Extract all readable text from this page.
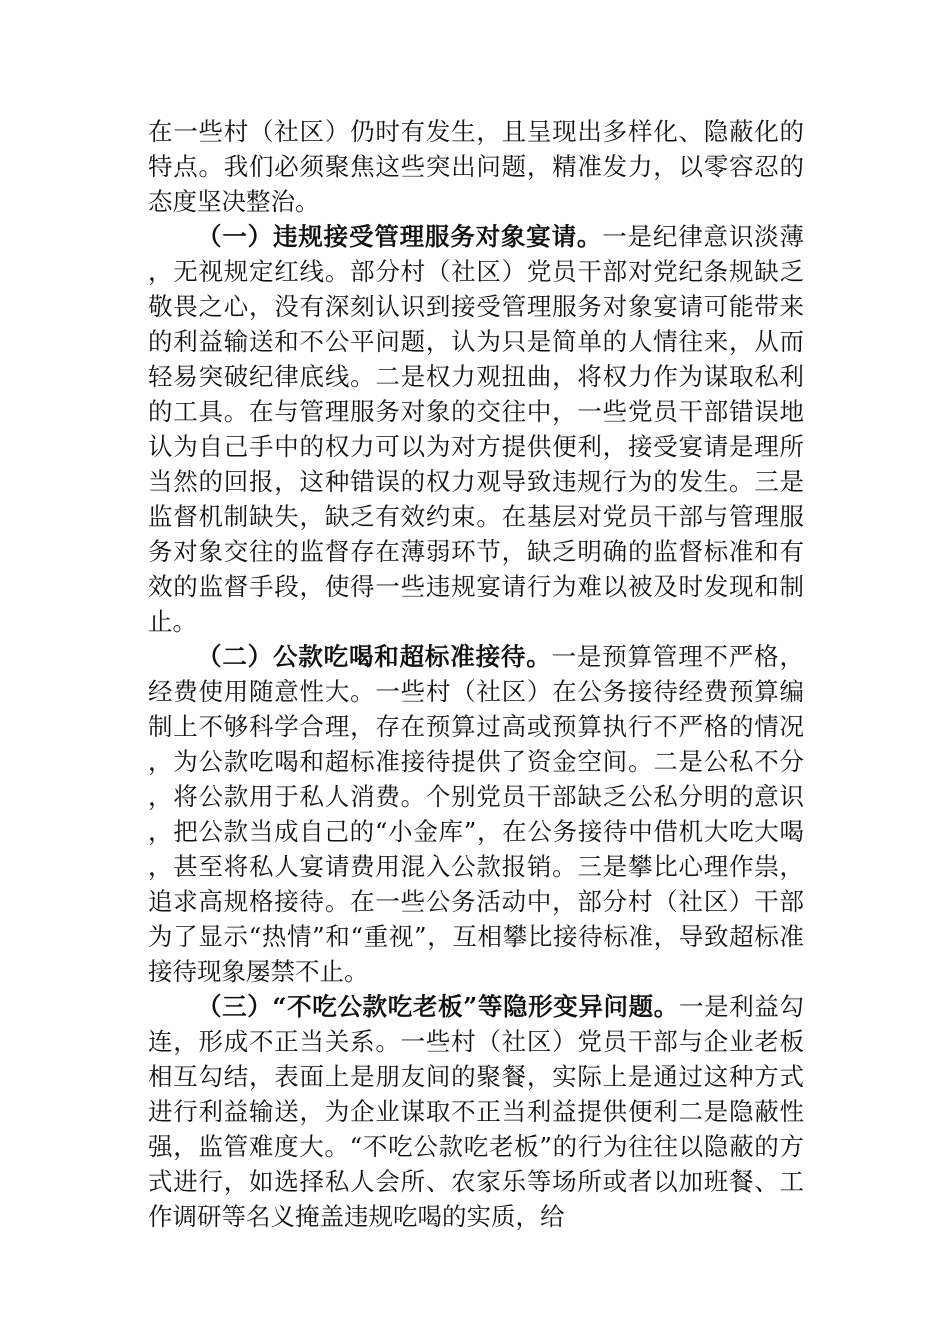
在一些村（社区）仍时有发生，且呈现出多样化、隐蔽化的特点。我们必须聚焦这些突出问题，精准发力，以零容忍的态度坚决整治。

（一）违规接受管理服务对象宴请。一是纪律意识淡薄，无视规定红线。部分村（社区）党员干部对党纪条规缺乏敬畏之心，没有深刻认识到接受管理服务对象宴请可能带来的利益输送和不公平问题，认为只是简单的人情往来，从而轻易突破纪律底线。二是权力观扭曲，将权力作为谋取私利的工具。在与管理服务对象的交往中，一些党员干部错误地认为自己手中的权力可以为对方提供便利，接受宴请是理所当然的回报，这种错误的权力观导致违规行为的发生。三是监督机制缺失，缺乏有效约束。在基层对党员干部与管理服务对象交往的监督存在薄弱环节，缺乏明确的监督标准和有效的监督手段，使得一些违规宴请行为难以被及时发现和制止。

（二）公款吃喝和超标准接待。一是预算管理不严格，经费使用随意性大。一些村（社区）在公务接待经费预算编制上不够科学合理，存在预算过高或预算执行不严格的情况，为公款吃喝和超标准接待提供了资金空间。二是公私不分，将公款用于私人消费。个别党员干部缺乏公私分明的意识，把公款当成自己的“小金库”，在公务接待中借机大吃大喝，甚至将私人宴请费用混入公款报销。三是攀比心理作祟，追求高规格接待。在一些公务活动中，部分村（社区）干部为了显示“热情”和“重视”，互相攀比接待标准，导致超标准接待现象屡禁不止。

（三）“不吃公款吃老板”等隐形变异问题。一是利益勾连，形成不正当关系。一些村（社区）党员干部与企业老板相互勾结，表面上是朋友间的聚餐，实际上是通过这种方式进行利益输送，为企业谋取不正当利益提供便利二是隐蔽性强，监管难度大。“不吃公款吃老板”的行为往往以隐蔽的方式进行，如选择私人会所、农家乐等场所或者以加班餐、工作调研等名义掩盖违规吃喝的实质，给
